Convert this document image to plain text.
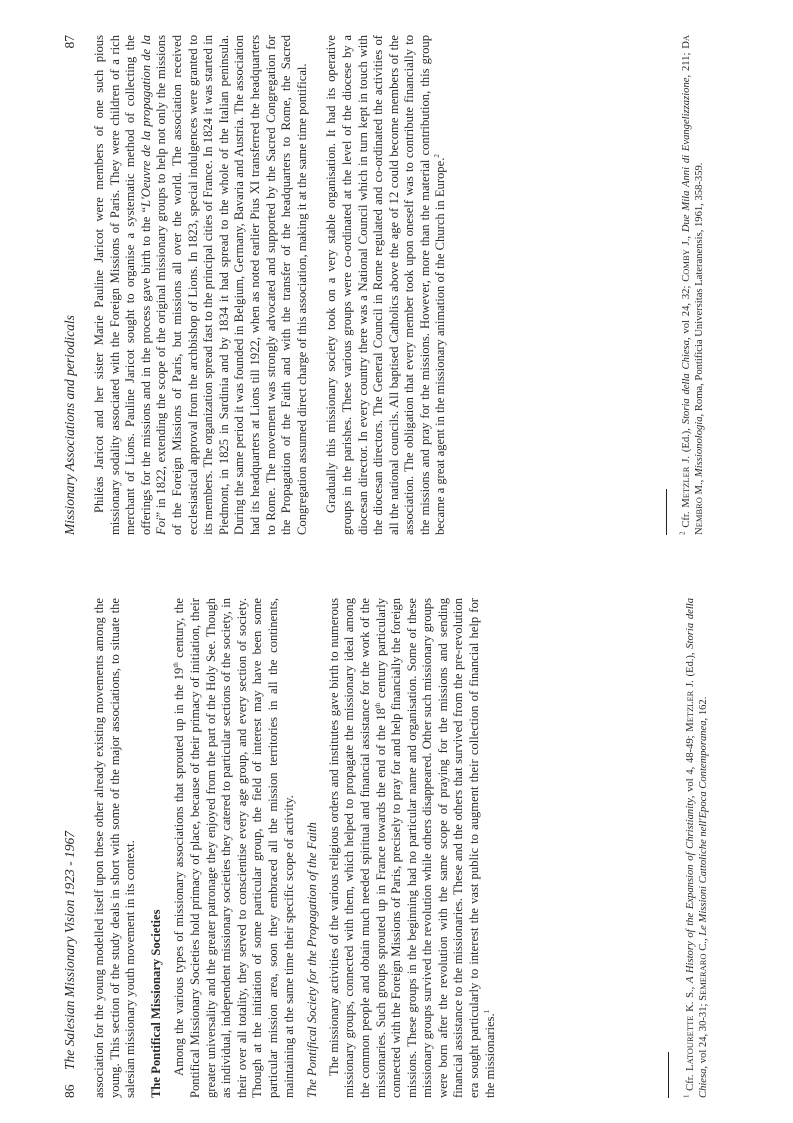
86
The Salesian Missionary Vision 1923 - 1967 association for the young modelled itself upon these other already existing movements among the young. This section of the study deals in short with some of the major associations, to situate the salesian missionary youth movement in its context. The Pontifical Missionary Societies Among the various types of missionary associations that sprouted up in the 19th century, the Pontifical Missionary Societies hold primacy of place, because of their primacy of initiation, their greater universality and the greater patronage they enjoyed from the part of the Holy See. Though as individual, independent missionary societies they catered to particular sections of the society, in their over all totality, they served to conscientise every age group, and every section of society. Though at the initiation of some particular group, the field of interest may have been some particular mission area, soon they embraced all the mission territories in all the continents, maintaining at the same time their specific scope of activity. The Pontifical Society for the Propagation of the Faith The missionary activities of the various religious orders and institutes gave birth to numerous missionary groups, connected with them, which helped to propagate the missionary ideal among the common people and obtain much needed spiritual and financial assistance for the work of the missionaries. Such groups sprouted up in France towards the end of the 18th century particularly connected with the Foreign Missions of Paris, precisely to pray for and help financially the foreign missions. These groups in the beginning had no particular name and organisation. Some of these missionary groups survived the revolution while others disappeared. Other such missionary groups were born after the revolution with the same scope of praying for the missions and sending financial assistance to the missionaries. These and the others that survived from the pre-revolution era sought particularly to interest the vast public to augment their collection of financial help for the missionaries.$^1$

$^1$ Cfr. LATOURETTE K. S., A History of the Expansion of Christianity, vol 4, 48-49; METZLER J. (Ed.), Storia della Chiesa, vol 24, 30-31; SEMERARO C., Le Missioni Cattoliche nell'Epoca Contemporanea, 162.
Missionary Associations and periodicals
87 Philéas Jaricot and her sister Marie Pauline Jaricot were members of one such pious missionary sodality associated with the Foreign Missions of Paris. They were children of a rich merchant of Lions. Pauline Jaricot sought to organise a systematic method of collecting the offerings for the missions and in the process gave birth to the “L'Oeuvre de la propagation de la Foi” in 1822, extending the scope of the original missionary groups to help not only the missions of the Foreign Missions of Paris, but missions all over the world. The association received ecclesiastical approval from the archbishop of Lions. In 1823, special indulgences were granted to its members. The organization spread fast to the principal cities of France. In 1824 it was started in Piedmont, in 1825 in Sardinia and by 1834 it had spread to the whole of the Italian peninsula. During the same period it was founded in Belgium, Germany, Bavaria and Austria. The association had its headquarters at Lions till 1922, when as noted earlier Pius XI transferred the headquarters to Rome. The movement was strongly advocated and supported by the Sacred Congregation for the Propagation of the Faith and with the transfer of the headquarters to Rome, the Sacred Congregation assumed direct charge of this association, making it at the same time pontifical. Gradually this missionary society took on a very stable organisation. It had its operative groups in the parishes. These various groups were co-ordinated at the level of the diocese by a diocesan director. In every country there was a National Council which in turn kept in touch with the diocesan directors. The General Council in Rome regulated and co-ordinated the activities of all the national councils. All baptised Catholics above the age of 12 could become members of the association. The obligation that every member took upon oneself was to contribute financially to the missions and pray for the missions. However, more than the material contribution, this group became a great agent in the missionary animation of the Church in Europe.$^2$

$^2$ Cfr. METZLER J. (Ed.), Storia della Chiesa, vol 24, 32; COMBY J., Due Mila Anni di Evangelizzazione, 211; DA NEMBRO M., Missionologia, Roma, Pontificia Universitas Lateranensis, 1961, 358-359.
